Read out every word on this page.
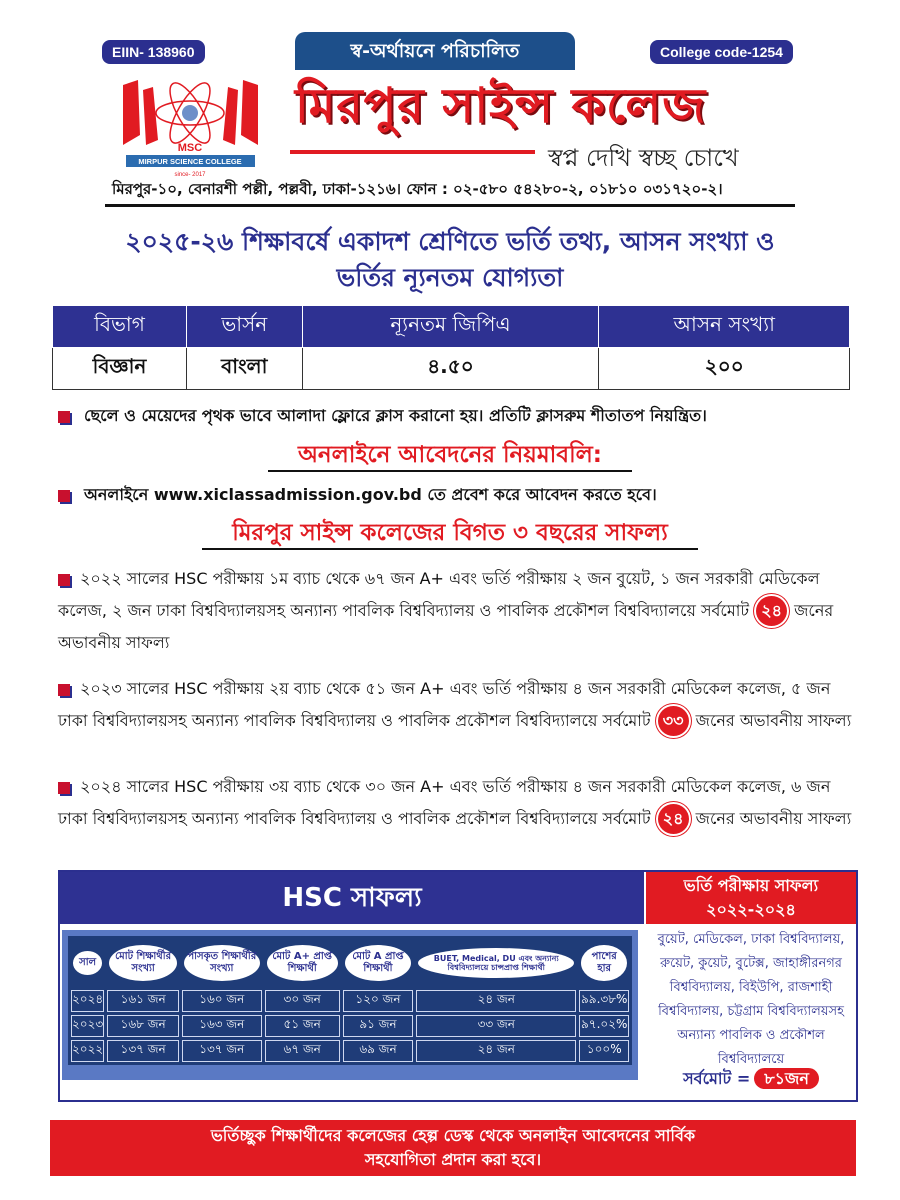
EIIN- 138960	College code-1254
স্ব-অর্থায়নে পরিচালিত
MSC
MIRPUR SCIENCE COLLEGE
since- 2017
মিরপুর সাইন্স কলেজ
স্বপ্ন দেখি স্বচ্ছ চোখে
মিরপুর-১০, বেনারশী পল্লী, পল্লবী, ঢাকা-১২১৬। ফোন : ০২-৫৮০ ৫৪২৮০-২, ০১৮১০ ০৩১৭২০-২।
২০২৫-২৬ শিক্ষাবর্ষে একাদশ শ্রেণিতে ভর্তি তথ্য, আসন সংখ্যা ও
ভর্তির ন্যূনতম যোগ্যতা
বিভাগ	ভার্সন	ন্যূনতম জিপিএ	আসন সংখ্যা
বিজ্ঞান	বাংলা	৪.৫০	২০০
ছেলে ও মেয়েদের পৃথক ভাবে আলাদা ফ্লোরে ক্লাস করানো হয়। প্রতিটি ক্লাসরুম শীতাতপ নিয়ন্ত্রিত।
অনলাইনে আবেদনের নিয়মাবলি:
অনলাইনে www.xiclassadmission.gov.bd তে প্রবেশ করে আবেদন করতে হবে।
মিরপুর সাইন্স কলেজের বিগত ৩ বছরের সাফল্য
২০২২ সালের HSC পরীক্ষায় ১ম ব্যাচ থেকে ৬৭ জন A+ এবং ভর্তি পরীক্ষায় ২ জন বুয়েট, ১ জন সরকারী মেডিকেল কলেজ, ২ জন ঢাকা বিশ্ববিদ্যালয়সহ অন্যান্য পাবলিক বিশ্ববিদ্যালয় ও পাবলিক প্রকৌশল বিশ্ববিদ্যালয়ে সর্বমোট ২৪ জনের অভাবনীয় সাফল্য
২০২৩ সালের HSC পরীক্ষায় ২য় ব্যাচ থেকে ৫১ জন A+ এবং ভর্তি পরীক্ষায় ৪ জন সরকারী মেডিকেল কলেজ, ৫ জন ঢাকা বিশ্ববিদ্যালয়সহ অন্যান্য পাবলিক বিশ্ববিদ্যালয় ও পাবলিক প্রকৌশল বিশ্ববিদ্যালয়ে সর্বমোট ৩৩ জনের অভাবনীয় সাফল্য
২০২৪ সালের HSC পরীক্ষায় ৩য় ব্যাচ থেকে ৩০ জন A+ এবং ভর্তি পরীক্ষায় ৪ জন সরকারী মেডিকেল কলেজ, ৬ জন ঢাকা বিশ্ববিদ্যালয়সহ অন্যান্য পাবলিক বিশ্ববিদ্যালয় ও পাবলিক প্রকৌশল বিশ্ববিদ্যালয়ে সর্বমোট ২৪ জনের অভাবনীয় সাফল্য
HSC সাফল্য
সাল	মোট শিক্ষার্থীর সংখ্যা	পাসকৃত শিক্ষার্থীর সংখ্যা	মোট A+ প্রাপ্ত শিক্ষার্থী	মোট A প্রাপ্ত শিক্ষার্থী	BUET, Medical, DU এবং অন্যান্য বিশ্ববিদ্যালয়ে চান্সপ্রাপ্ত শিক্ষার্থী	পাশের হার

২০২৪	১৬১ জন	১৬০ জন	৩০ জন	১২০ জন	২৪ জন	৯৯.৩৮%
২০২৩	১৬৮ জন	১৬৩ জন	৫১ জন	৯১ জন	৩৩ জন	৯৭.০২%
২০২২	১৩৭ জন	১৩৭ জন	৬৭ জন	৬৯ জন	২৪ জন	১০০%
ভর্তি পরীক্ষায় সাফল্য
২০২২-২০২৪
বুয়েট, মেডিকেল, ঢাকা বিশ্ববিদ্যালয়, রুয়েট, কুয়েট, বুটেক্স, জাহাঙ্গীরনগর বিশ্ববিদ্যালয়, বিইউপি, রাজশাহী বিশ্ববিদ্যালয়, চট্টগ্রাম বিশ্ববিদ্যালয়সহ অন্যান্য পাবলিক ও প্রকৌশল বিশ্ববিদ্যালয়ে
সর্বমোট = ৮১জন
ভর্তিচ্ছুক শিক্ষার্থীদের কলেজের হেল্প ডেস্ক থেকে অনলাইন আবেদনের সার্বিক
সহযোগিতা প্রদান করা হবে।
